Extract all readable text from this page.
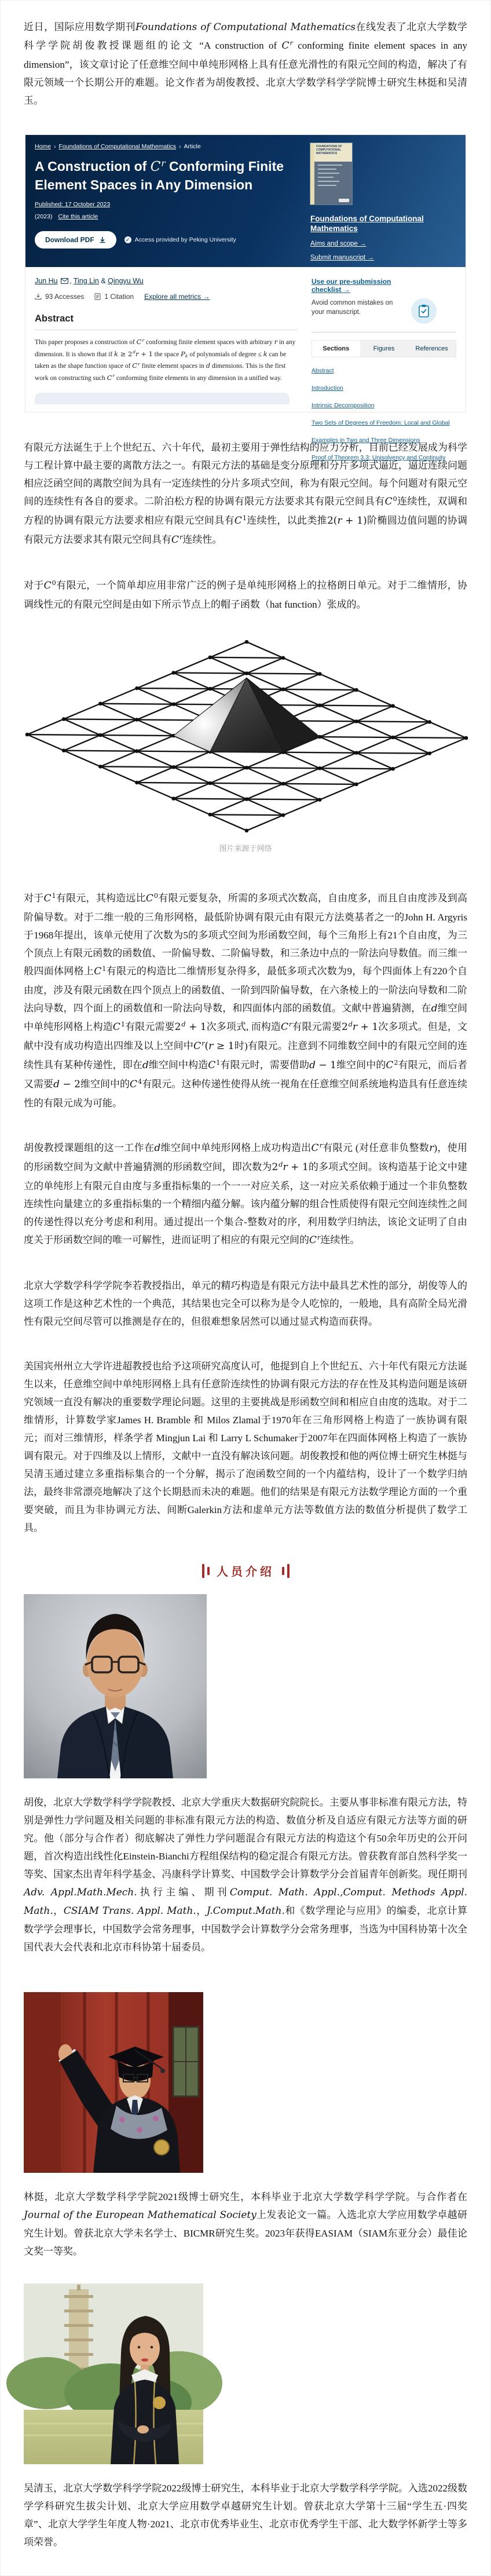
近日，国际应用数学期刊Foundations of Computational Mathematics在线发表了北京大学数学科学学院胡俊教授课题组的论文 “A construction of $C^r$ conforming finite element spaces in any dimension”，该文章讨论了任意维空间中单纯形网格上具有任意光滑性的有限元空间的构造，解决了有限元领域一个长期公开的难题。论文作者为胡俊教授、北京大学数学科学学院博士研究生林挺和吴清玉。

Home › Foundations of Computational Mathematics › Article
A Construction of $C^r$ Conforming Finite Element Spaces in Any Dimension
Published: 17 October 2023
(2023) Cite this article
Download PDF	✓ Access provided by Peking University
FOUNDATIONS OF COMPUTATIONAL MATHEMATICS
Foundations of Computational Mathematics
Aims and scope →
Submit manuscript →
Jun Hu , Ting Lin & Qingyu Wu
93 Accesses	1 Citation Explore all metrics →
Abstract

This paper proposes a construction of $C^r$ conforming finite element spaces with arbitrary r in any dimension. It is shown that if $k \ge 2^dr + 1$ the space Pk of polynomials of degree ≤ k can be taken as the shape function space of $C^r$ finite element spaces in d dimensions. This is the first work on constructing such $C^r$ conforming finite elements in any dimension in a unified way.

Use our pre-submission checklist →

Avoid common mistakes on your manuscript.

Sections	Figures	References
Abstract
Introduction
Intrinsic Decomposition
Two Sets of Degrees of Freedom: Local and Global
Examples in Two and Three Dimensions
Proof of Theorem 3.3: Unisolvency and Continuity

有限元方法诞生于上个世纪五、六十年代，最初主要用于弹性结构的应力分析，目前已经发展成为科学与工程计算中最主要的离散方法之一。有限元方法的基础是变分原理和分片多项式逼近，逼近连续问题相应泛函空间的离散空间为具有一定连续性的分片多项式空间，称为有限元空间。每个问题对有限元空间的连续性有各自的要求。二阶泊松方程的协调有限元方法要求其有限元空间具有$C^0$连续性，双调和方程的协调有限元方法要求相应有限元空间具有$C^1$连续性，以此类推2(r + 1)阶椭圆边值问题的协调有限元方法要求其有限元空间具有$C^r$连续性。

对于$C^0$有限元，一个简单却应用非常广泛的例子是单纯形网格上的拉格朗日单元。对于二维情形，协调线性元的有限元空间是由如下所示节点上的帽子函数（hat function）张成的。

图片来源于网络

对于$C^1$有限元，其构造远比$C^0$有限元要复杂，所需的多项式次数高，自由度多，而且自由度涉及到高阶偏导数。对于二维一般的三角形网格，最低阶协调有限元由有限元方法奠基者之一的John H. Argyris于1968年提出，该单元使用了次数为5的多项式空间为形函数空间，每个三角形上有21个自由度，为三个顶点上有限元函数的函数值、一阶偏导数、二阶偏导数，和三条边中点的一阶法向导数值。而三维一般四面体网格上$C^1$有限元的构造比二维情形复杂得多，最低多项式次数为9，每个四面体上有220个自由度，涉及有限元函数在四个顶点上的函数值、一阶到四阶偏导数，在六条棱上的一阶法向导数和二阶法向导数，四个面上的函数值和一阶法向导数，和四面体内部的函数值。文献中普遍猜测，在d维空间中单纯形网格上构造$C^1$有限元需要$2^d + 1$次多项式, 而构造$C^r$有限元需要$2^dr + 1$次多项式。但是，文献中没有成功构造出四维及以上空间中$C^r(r \ge 1$时)有限元。注意到不同维数空间中的有限元空间的连续性具有某种传递性，即在d维空间中构造$C^1$有限元时，需要借助d − 1维空间中的$C^2$有限元，而后者又需要d − 2维空间中的$C^4$有限元。这种传递性使得从统一视角在任意维空间系统地构造具有任意连续性的有限元成为可能。

胡俊教授课题组的这一工作在d维空间中单纯形网格上成功构造出$C^r$有限元 (对任意非负整数r)，使用的形函数空间为文献中普遍猜测的形函数空间，即次数为$2^dr + 1$的多项式空间。该构造基于论文中建立的单纯形上有限元自由度与多重指标集的一个一一对应关系，这一对应关系依赖于通过一个非负整数连续性向量建立的多重指标集的一个精细内蕴分解。该内蕴分解的组合性质使得有限元空间连续性之间的传递性得以充分考虑和利用。通过提出一个集合-整数对的序，利用数学归纳法，该论文证明了自由度关于形函数空间的唯一可解性，进而证明了相应的有限元空间的$C^r$连续性。

北京大学数学科学学院李若教授指出，单元的精巧构造是有限元方法中最具艺术性的部分，胡俊等人的这项工作是这种艺术性的一个典范，其结果也完全可以称为是令人吃惊的，一般地，具有高阶全局光滑性有限元空间尽管可以推测是存在的，但很难想象居然可以通过显式构造而获得。

美国宾州州立大学许进超教授也给予这项研究高度认可，他提到自上个世纪五、六十年代有限元方法诞生以来，任意维空间中单纯形网格上具有任意阶连续性的协调有限元方法的存在性及其构造问题是该研究领域一直没有解决的重要数学理论问题。这里的主要挑战是形函数空间和相应自由度的选取。对于二维情形，计算数学家James H. Bramble 和 Milos Zlamal于1970年在三角形网格上构造了一族协调有限元；而对三维情形，样条学者 Mingjun Lai 和 Larry L Schumaker于2007年在四面体网格上构造了一族协调有限元。对于四维及以上情形，文献中一直没有解决该问题。胡俊教授和他的两位博士研究生林挺与吴清玉通过建立多重指标集合的一个分解，揭示了泡函数空间的一个内蕴结构，设计了一个数学归纳法，最终非常漂亮地解决了这个长期悬而未决的难题。他们的结果是有限元方法数学理论方面的一个重要突破，而且为非协调元方法、间断Galerkin方法和虚单元方法等数值方法的数值分析提供了数学工具。

人员介绍

胡俊，北京大学数学科学学院教授、北京大学重庆大数据研究院院长。主要从事非标准有限元方法，特别是弹性力学问题及相关问题的非标准有限元方法的构造、数值分析及自适应有限元方法等方面的研究。他（部分与合作者）彻底解决了弹性力学问题混合有限元方法的构造这个有50余年历史的公开问题，首次构造出线性化Einstein-Bianchi方程组保结构的稳定混合有限元方法。曾获教育部自然科学奖一等奖、国家杰出青年科学基金、冯康科学计算奖、中国数学会计算数学分会首届青年创新奖。现任期刊Adv. Appl.Math.Mech.执行主编、期刊Comput. Math. Appl.,Comput. Methods Appl. Math.，CSIAM Trans. Appl. Math.，J.Comput.Math.和《数学理论与应用》的编委，北京计算数学学会理事长，中国数学会常务理事，中国数学会计算数学分会常务理事，当选为中国科协第十次全国代表大会代表和北京市科协第十届委员。

林挺，北京大学数学科学学院2021级博士研究生，本科毕业于北京大学数学科学学院。与合作者在Journal of the European Mathematical Society上发表论文一篇。入选北京大学应用数学卓越研究生计划。曾获北京大学未名学士、BICMR研究生奖。2023年获得EASIAM（SIAM东亚分会）最佳论文奖一等奖。

吴清玉，北京大学数学科学学院2022级博士研究生，本科毕业于北京大学数学科学学院。入选2022级数学学科研究生拔尖计划、北京大学应用数学卓越研究生计划。曾获北京大学第十三届“学生五·四奖章”、北京大学学生年度人物·2021、北京市优秀毕业生、北京市优秀学生干部、北大数学怀新学士等多项荣誉。
